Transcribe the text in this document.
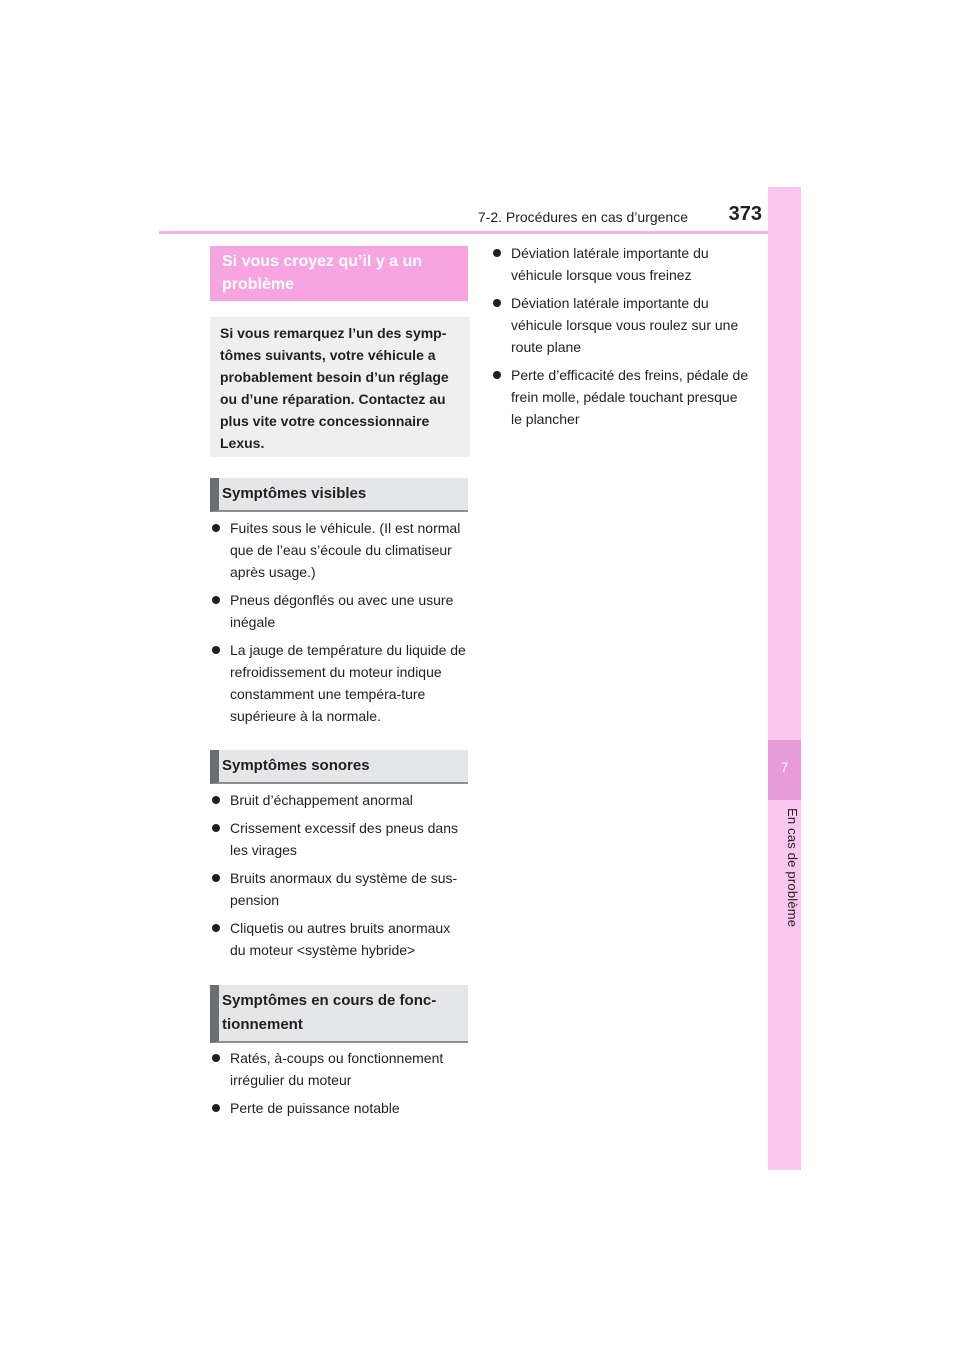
7-2. Procédures en cas d’urgence	373
7
En cas de problème
Si vous croyez qu’il y a un problème
Si vous remarquez l’un des symp-tômes suivants, votre véhicule a probablement besoin d’un réglage ou d’une réparation. Contactez au plus vite votre concessionnaire Lexus.
Symptômes visibles
Fuites sous le véhicule. (Il est normal que de l’eau s’écoule du climatiseur après usage.)
Pneus dégonflés ou avec une usure inégale
La jauge de température du liquide de refroidissement du moteur indique constamment une tempéra-ture supérieure à la normale.
Symptômes sonores
Bruit d’échappement anormal
Crissement excessif des pneus dans les virages
Bruits anormaux du système de sus-pension
Cliquetis ou autres bruits anormaux du moteur <système hybride>
Symptômes en cours de fonc-tionnement
Ratés, à-coups ou fonctionnement irrégulier du moteur
Perte de puissance notable
Déviation latérale importante du véhicule lorsque vous freinez
Déviation latérale importante du véhicule lorsque vous roulez sur une route plane
Perte d’efficacité des freins, pédale de frein molle, pédale touchant presque le plancher
